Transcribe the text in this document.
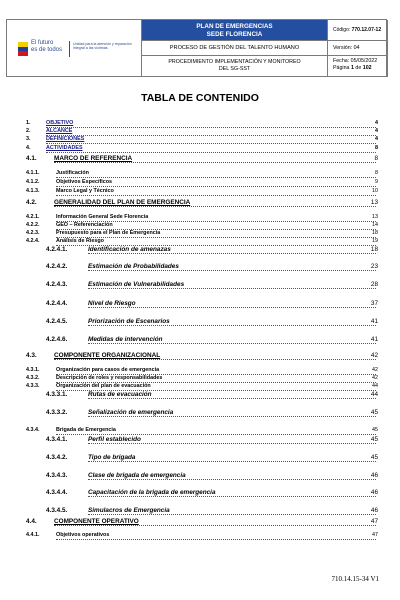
El futuro
es de todos
Unidad para la atención y reparación integral a las víctimas
PLAN DE EMERGENCIAS
SEDE FLORENCIA
Código: 770.12.07-12
PROCESO DE GESTIÓN DEL TALENTO HUMANO	Versión: 04
PROCEDIMIENTO IMPLEMENTACIÓN Y MONITOREO
DEL SG-SST
Fecha: 05/05/2022
Página 1 de 102
TABLA DE CONTENIDO
1.	OBJETIVO	4
2.	ALCANCE	4
3.	DEFINICIONES	4
4.	ACTIVIDADES	8
4.1.	MARCO DE REFERENCIA	8
4.1.1.	Justificación	8
4.1.2.	Objetivos Específicos	9
4.1.3.	Marco Legal y Técnico	10
4.2.	GENERALIDAD DEL PLAN DE EMERGENCIA	13
4.2.1.	Información General Sede Florencia	13
4.2.2.	GEO – Referenciación	14
4.2.3.	Presupuesto para el Plan de Emergencia	18
4.2.4.	Análisis de Riesgo	19
4.2.4.1.	Identificación de amenazas	18
4.2.4.2.	Estimación de Probabilidades	23
4.2.4.3.	Estimación de Vulnerabilidades	28
4.2.4.4.	Nivel de Riesgo	37
4.2.4.5.	Priorización de Escenarios	41
4.2.4.6.	Medidas de intervención	41
4.3.	COMPONENTE ORGANIZACIONAL	42
4.3.1.	Organización para casos de emergencia	42
4.3.2.	Descripción de roles y responsabilidades	42
4.3.3.	Organización del plan de evacuación	44
4.3.3.1.	Rutas de evacuación	44
4.3.3.2.	Señalización de emergencia	45
4.3.4.	Brigada de Emergencia	45
4.3.4.1.	Perfil establecido	45
4.3.4.2.	Tipo de brigada	45
4.3.4.3.	Clase de brigada de emergencia	46
4.3.4.4.	Capacitación de la brigada de emergencia	46
4.3.4.5.	Simulacros de Emergencia	46
4.4.	COMPONENTE OPERATIVO	47
4.4.1.	Objetivos operativos	47
710.14.15-34 V1
